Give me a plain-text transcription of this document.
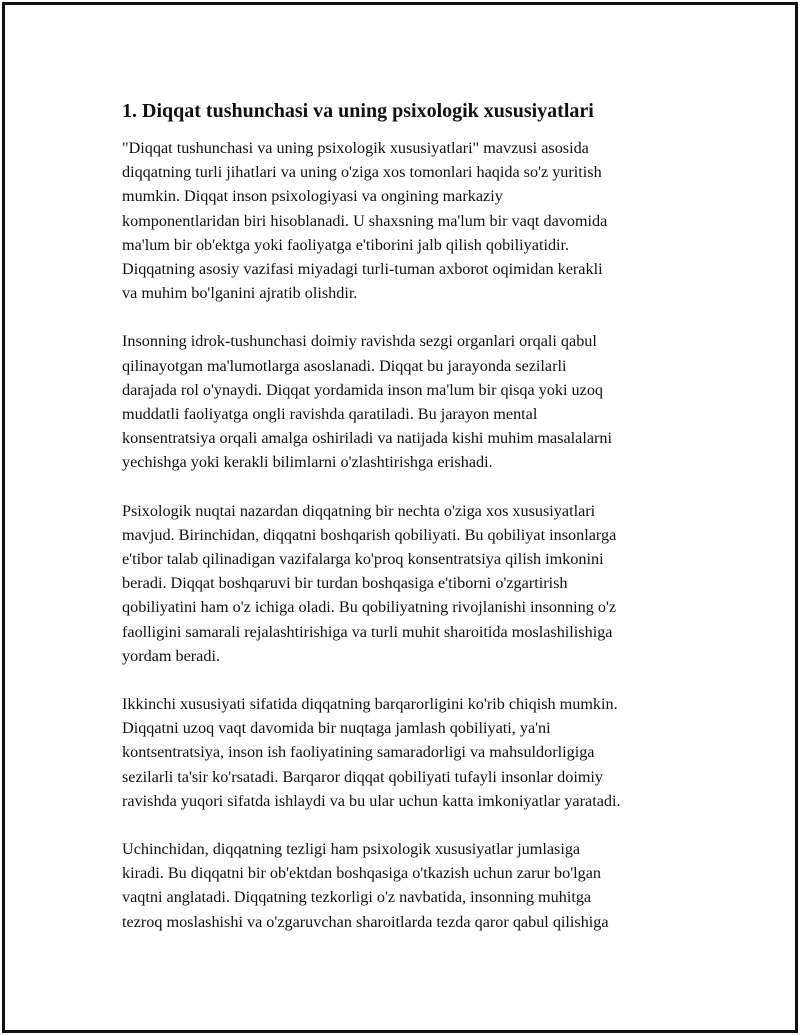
1. Diqqat tushunchasi va uning psixologik xususiyatlari

"Diqqat tushunchasi va uning psixologik xususiyatlari" mavzusi asosida
diqqatning turli jihatlari va uning o'ziga xos tomonlari haqida so'z yuritish
mumkin. Diqqat inson psixologiyasi va ongining markaziy
komponentlaridan biri hisoblanadi. U shaxsning ma'lum bir vaqt davomida
ma'lum bir ob'ektga yoki faoliyatga e'tiborini jalb qilish qobiliyatidir.
Diqqatning asosiy vazifasi miyadagi turli-tuman axborot oqimidan kerakli
va muhim bo'lganini ajratib olishdir.

Insonning idrok-tushunchasi doimiy ravishda sezgi organlari orqali qabul
qilinayotgan ma'lumotlarga asoslanadi. Diqqat bu jarayonda sezilarli
darajada rol o'ynaydi. Diqqat yordamida inson ma'lum bir qisqa yoki uzoq
muddatli faoliyatga ongli ravishda qaratiladi. Bu jarayon mental
konsentratsiya orqali amalga oshiriladi va natijada kishi muhim masalalarni
yechishga yoki kerakli bilimlarni o'zlashtirishga erishadi.

Psixologik nuqtai nazardan diqqatning bir nechta o'ziga xos xususiyatlari
mavjud. Birinchidan, diqqatni boshqarish qobiliyati. Bu qobiliyat insonlarga
e'tibor talab qilinadigan vazifalarga ko'proq konsentratsiya qilish imkonini
beradi. Diqqat boshqaruvi bir turdan boshqasiga e'tiborni o'zgartirish
qobiliyatini ham o'z ichiga oladi. Bu qobiliyatning rivojlanishi insonning o'z
faolligini samarali rejalashtirishiga va turli muhit sharoitida moslashilishiga
yordam beradi.

Ikkinchi xususiyati sifatida diqqatning barqarorligini ko'rib chiqish mumkin.
Diqqatni uzoq vaqt davomida bir nuqtaga jamlash qobiliyati, ya'ni
kontsentratsiya, inson ish faoliyatining samaradorligi va mahsuldorligiga
sezilarli ta'sir ko'rsatadi. Barqaror diqqat qobiliyati tufayli insonlar doimiy
ravishda yuqori sifatda ishlaydi va bu ular uchun katta imkoniyatlar yaratadi.

Uchinchidan, diqqatning tezligi ham psixologik xususiyatlar jumlasiga
kiradi. Bu diqqatni bir ob'ektdan boshqasiga o'tkazish uchun zarur bo'lgan
vaqtni anglatadi. Diqqatning tezkorligi o'z navbatida, insonning muhitga
tezroq moslashishi va o'zgaruvchan sharoitlarda tezda qaror qabul qilishiga
